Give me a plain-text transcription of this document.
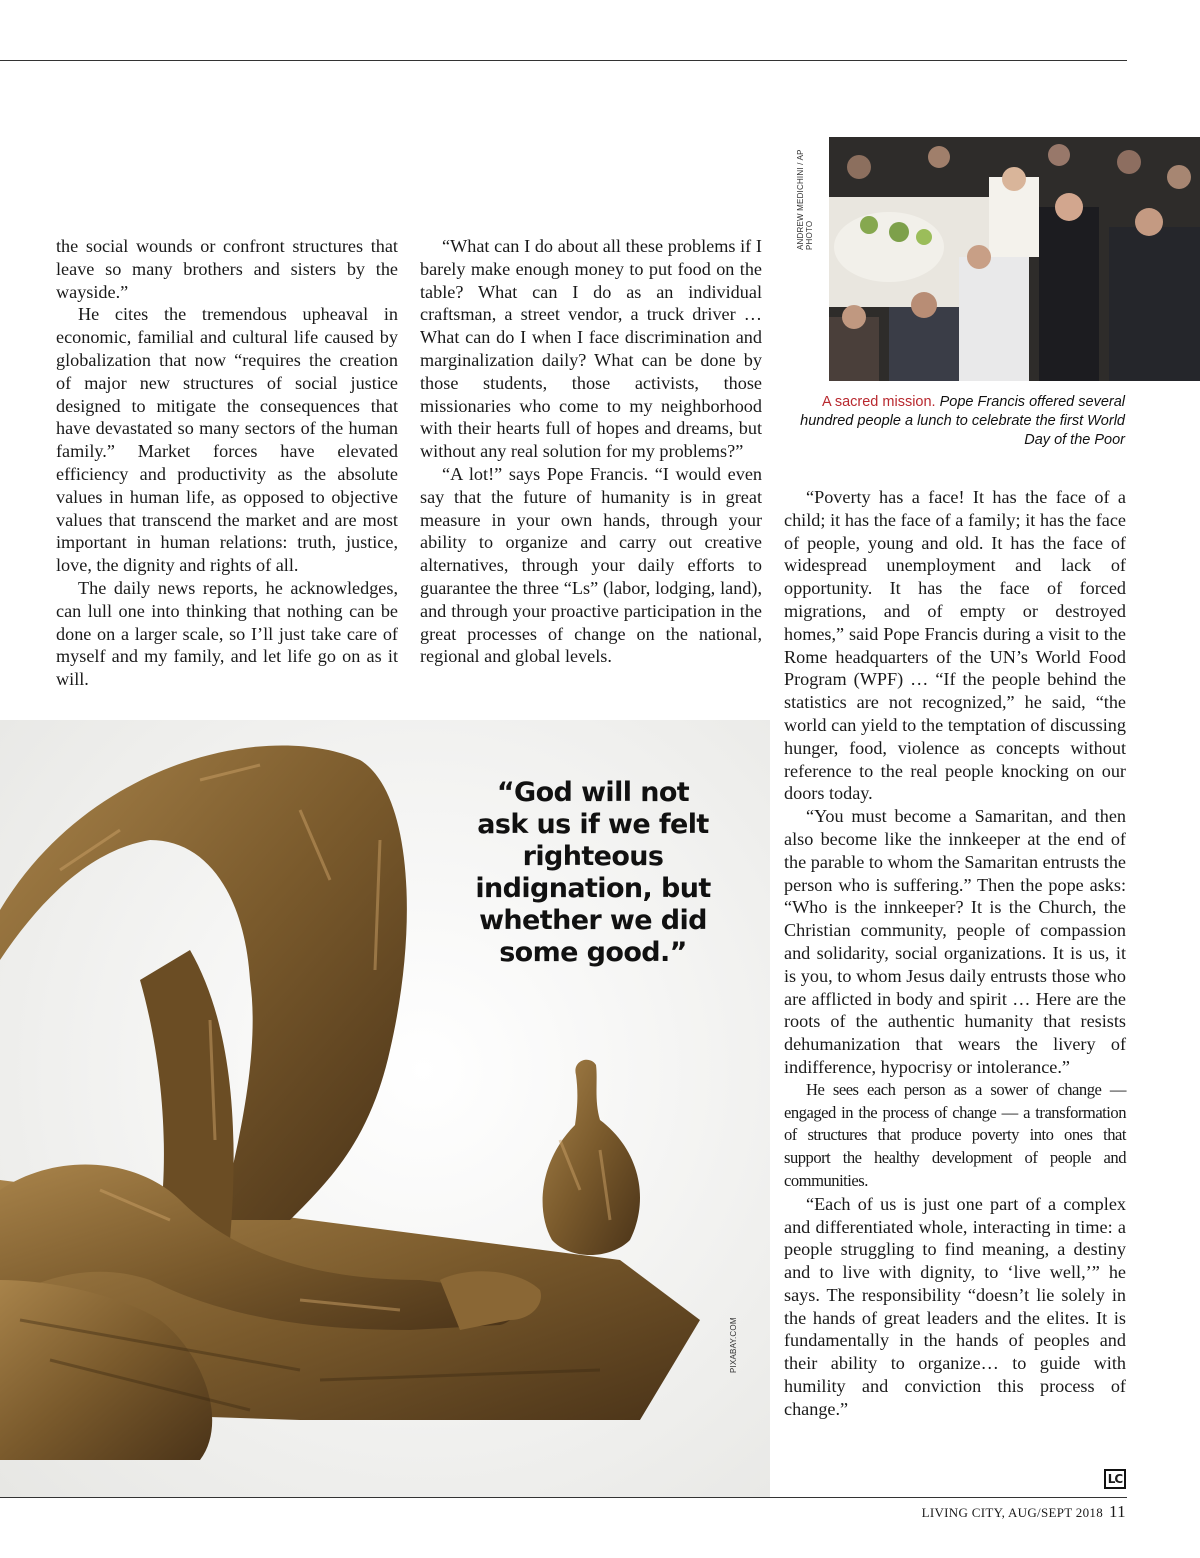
the social wounds or confront structures that leave so many brothers and sisters by the wayside.”

He cites the tremendous upheaval in economic, familial and cultural life caused by globalization that now “requires the creation of major new structures of social justice designed to mitigate the consequences that have devastated so many sectors of the human family.” Market forces have elevated efficiency and productivity as the absolute values in human life, as opposed to objective values that transcend the market and are most important in human relations: truth, justice, love, the dignity and rights of all.

The daily news reports, he acknowledges, can lull one into thinking that nothing can be done on a larger scale, so I’ll just take care of myself and my family, and let life go on as it will.

“What can I do about all these problems if I barely make enough money to put food on the table? What can I do as an individual craftsman, a street vendor, a truck driver …What can do I when I face discrimination and marginalization daily? What can be done by those students, those activists, those missionaries who come to my neighborhood with their hearts full of hopes and dreams, but without any real solution for my problems?”

“A lot!” says Pope Francis. “I would even say that the future of humanity is in great measure in your own hands, through your ability to organize and carry out creative alternatives, through your daily efforts to guarantee the three “Ls” (labor, lodging, land), and through your proactive participation in the great processes of change on the national, regional and global levels.

ANDREW MEDICHINI / AP PHOTO
A sacred mission. Pope Francis offered several hundred people a lunch to celebrate the first World Day of the Poor

“Poverty has a face! It has the face of a child; it has the face of a family; it has the face of people, young and old. It has the face of widespread unemployment and lack of opportunity. It has the face of forced migrations, and of empty or destroyed homes,” said Pope Francis during a visit to the Rome headquarters of the UN’s World Food Program (WPF) … “If the people behind the statistics are not recognized,” he said, “the world can yield to the temptation of discussing hunger, food, violence as concepts without reference to the real people knocking on our doors today.

“You must become a Samaritan, and then also become like the innkeeper at the end of the parable to whom the Samaritan entrusts the person who is suffering.” Then the pope asks: “Who is the innkeeper? It is the Church, the Christian community, people of compassion and solidarity, social organizations. It is us, it is you, to whom Jesus daily entrusts those who are afflicted in body and spirit … Here are the roots of the authentic humanity that resists dehumanization that wears the livery of indifference, hypocrisy or intolerance.”

He sees each person as a sower of change — engaged in the process of change — a transformation of structures that produce poverty into ones that support the healthy development of people and communities.

“Each of us is just one part of a complex and differentiated whole, interacting in time: a people struggling to find meaning, a destiny and to live with dignity, to ‘live well,’” he says. The responsibility “doesn’t lie solely in the hands of great leaders and the elites. It is fundamentally in the hands of peoples and their ability to organize… to guide with humility and conviction this process of change.”

PIXABAY.COM
“God will not ask us if we felt righteous indignation, but whether we did some good.”
LC
LIVING CITY, AUG/SEPT 2018 11
